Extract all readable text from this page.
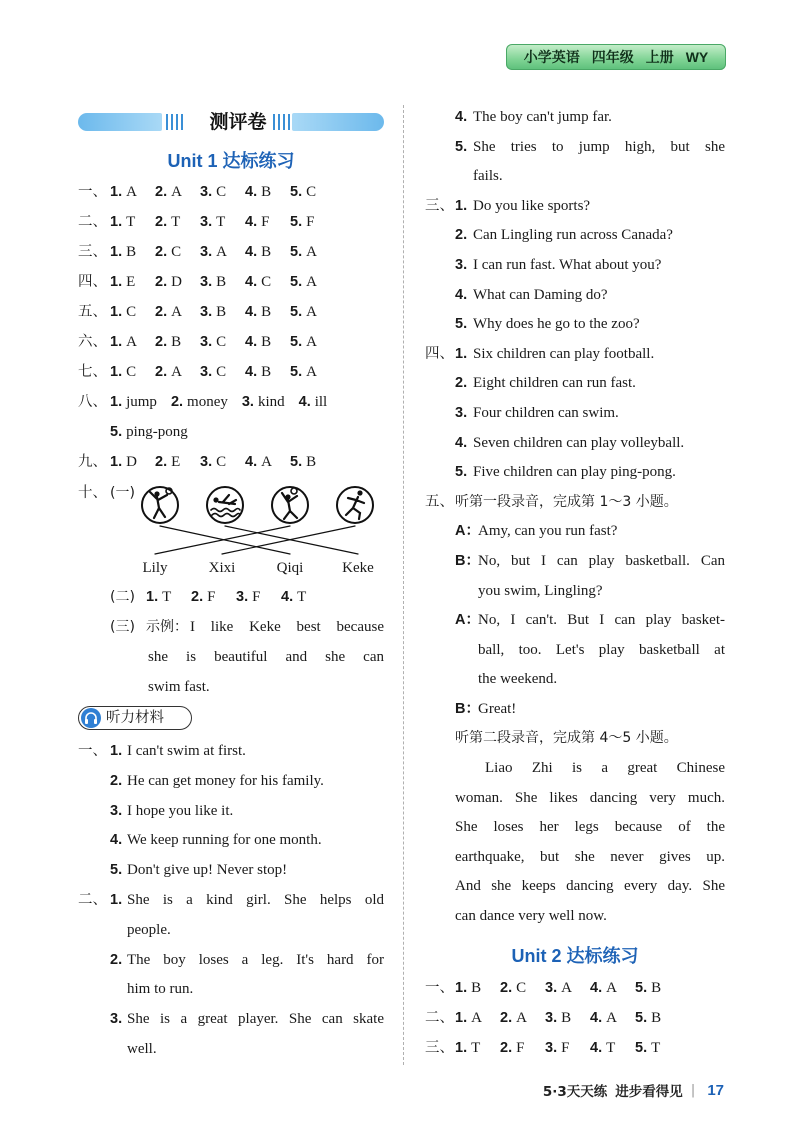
小学英语 四年级 上册 WY
测评卷
Unit 1 达标练习
一、 1. A 2. A 3. C 4. B 5. C
二、 1. T 2. T 3. T 4. F 5. F
三、 1. B 2. C 3. A 4. B 5. A
四、 1. E 2. D 3. B 4. C 5. A
五、 1. C 2. A 3. B 4. B 5. A
六、 1. A 2. B 3. C 4. B 5. A
七、 1. C 2. A 3. C 4. B 5. A
八、 1. jump 2. money 3. kind 4. ill
5. ping-pong
九、 1. D 2. E 3. C 4. A 5. B
十、 (一)
Lily	Xixi	Qiqi	Keke
(二) 1. T 2. F 3. F 4. T
(三) 示例： I like Keke best because
she is beautiful and she can
swim fast.
听力材料
一、 1. I can't swim at first.
2. He can get money for his family.
3. I hope you like it.
4. We keep running for one month.
5. Don't give up! Never stop!
二、 1. She is a kind girl. She helps old
people.
2. The boy loses a leg. It's hard for
him to run.
3. She is a great player. She can skate
well.
4. The boy can't jump far.
5. She tries to jump high, but she
fails.
三、 1. Do you like sports?
2. Can Lingling run across Canada?
3. I can run fast. What about you?
4. What can Daming do?
5. Why does he go to the zoo?
四、 1. Six children can play football.
2. Eight children can run fast.
3. Four children can swim.
4. Seven children can play volleyball.
5. Five children can play ping-pong.
五、 听第一段录音，完成第 1～3 小题。
A：
Amy, can you run fast?
B：
No, but I can play basketball. Can
you swim, Lingling?
A：
No, I can't. But I can play basket-
ball, too. Let's play basketball at
the weekend.
B：
Great!
听第二段录音，完成第 4～5 小题。
Liao Zhi is a great Chinese
woman. She likes dancing very much.
She loses her legs because of the
earthquake, but she never gives up.
And she keeps dancing every day. She
can dance very well now.
Unit 2 达标练习
一、 1. B 2. C 3. A 4. A 5. B
二、 1. A 2. A 3. B 4. A 5. B
三、 1. T 2. F 3. F 4. T 5. T
5·3天天练 进步看得见 | 17
